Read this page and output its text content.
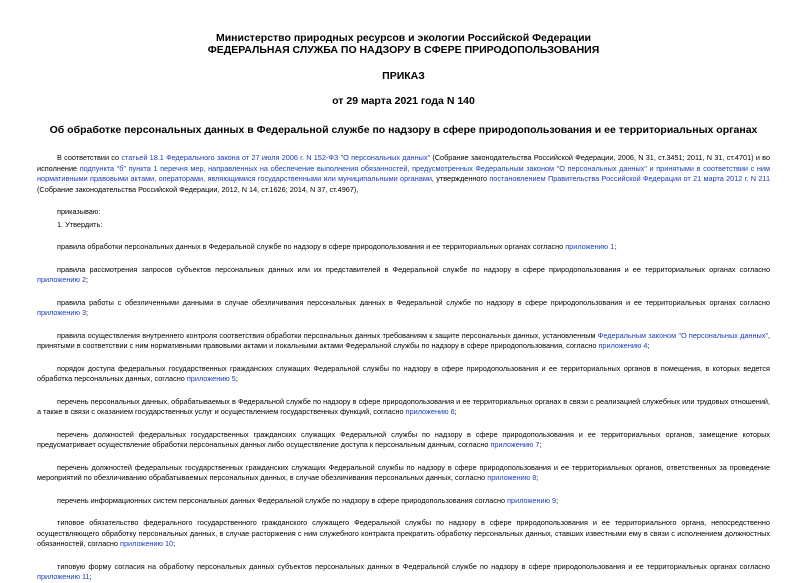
Министерство природных ресурсов и экологии Российской Федерации
ФЕДЕРАЛЬНАЯ СЛУЖБА ПО НАДЗОРУ В СФЕРЕ ПРИРОДОПОЛЬЗОВАНИЯ
ПРИКАЗ
от 29 марта 2021 года N 140
Об обработке персональных данных в Федеральной службе по надзору в сфере природопользования и ее территориальных органах

В соответствии со статьей 18.1 Федерального закона от 27 июля 2006 г. N 152-ФЗ "О персональных данных" (Собрание законодательства Российской Федерации, 2006, N 31, ст.3451; 2011, N 31, ст.4701) и во исполнение подпункта "б" пункта 1 перечня мер, направленных на обеспечение выполнения обязанностей, предусмотренных Федеральным законом "О персональных данных" и принятыми в соответствии с ним нормативными правовыми актами, операторами, являющимися государственными или муниципальными органами, утвержденного постановлением Правительства Российской Федерации от 21 марта 2012 г. N 211 (Собрание законодательства Российской Федерации, 2012, N 14, ст.1626; 2014, N 37, ст.4967),

приказываю:

1. Утвердить:

правила обработки персональных данных в Федеральной службе по надзору в сфере природопользования и ее территориальных органах согласно приложению 1;

правила рассмотрения запросов субъектов персональных данных или их представителей в Федеральной службе по надзору в сфере природопользования и ее территориальных органах согласно приложению 2;

правила работы с обезличенными данными в случае обезличивания персональных данных в Федеральной службе по надзору в сфере природопользования и ее территориальных органах согласно приложению 3;

правила осуществления внутреннего контроля соответствия обработки персональных данных требованиям к защите персональных данных, установленным Федеральным законом "О персональных данных", принятыми в соответствии с ним нормативными правовыми актами и локальными актами Федеральной службы по надзору в сфере природопользования, согласно приложению 4;

порядок доступа федеральных государственных гражданских служащих Федеральной службы по надзору в сфере природопользования и ее территориальных органов в помещения, в которых ведется обработка персональных данных, согласно приложению 5;

перечень персональных данных, обрабатываемых в Федеральной службе по надзору в сфере природопользования и ее территориальных органах в связи с реализацией служебных или трудовых отношений, а также в связи с оказанием государственных услуг и осуществлением государственных функций, согласно приложению 6;

перечень должностей федеральных государственных гражданских служащих Федеральной службы по надзору в сфере природопользования и ее территориальных органов, замещение которых предусматривает осуществление обработки персональных данных либо осуществление доступа к персональным данным, согласно приложению 7;

перечень должностей федеральных государственных гражданских служащих Федеральной службы по надзору в сфере природопользования и ее территориальных органов, ответственных за проведение мероприятий по обезличиванию обрабатываемых персональных данных, в случае обезличивания персональных данных, согласно приложению 8;

перечень информационных систем персональных данных Федеральной службе по надзору в сфере природопользования согласно приложению 9;

типовое обязательство федерального государственного гражданского служащего Федеральной службы по надзору в сфере природопользования и ее территориального органа, непосредственно осуществляющего обработку персональных данных, в случае расторжения с ним служебного контракта прекратить обработку персональных данных, ставших известными ему в связи с исполнением должностных обязанностей, согласно приложению 10;

типовую форму согласия на обработку персональных данных субъектов персональных данных в Федеральной службе по надзору в сфере природопользования и ее территориальных органах согласно приложению 11;
